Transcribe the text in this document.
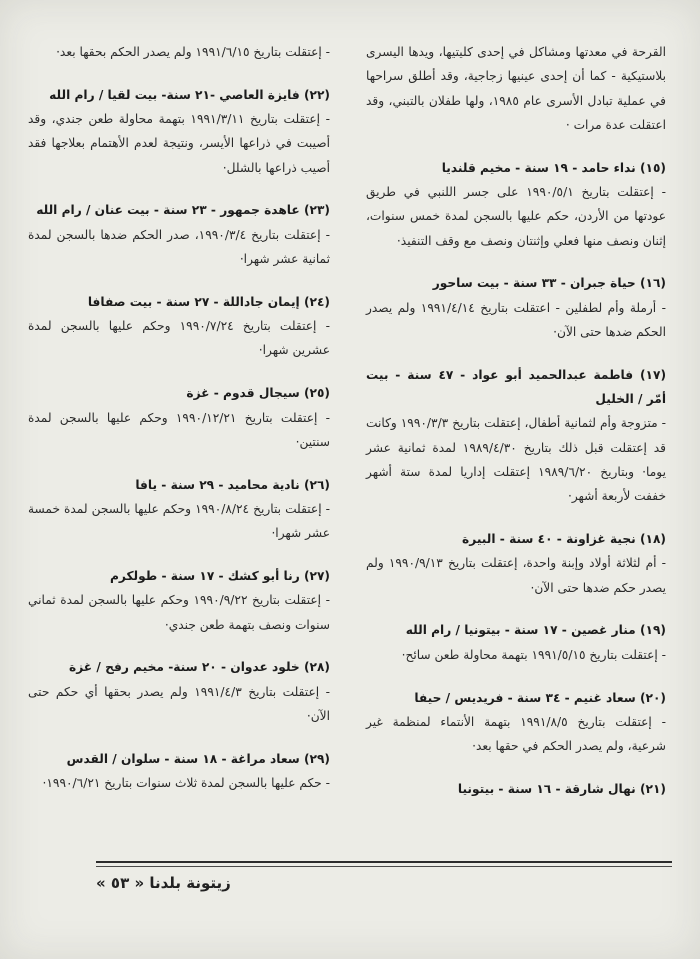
القرحة في معدتها ومشاكل في إحدى كليتيها، ويدها اليسرى بلاستيكية - كما أن إحدى عينيها زجاجية، وقد أطلق سراحها في عملية تبادل الأسرى عام ١٩٨٥، ولها طفلان بالتبني، وقد اعتقلت عدة مرات ·

(١٥) نداء حامد - ١٩ سنة - مخيم قلنديا

- إعتقلت بتاريخ ١٩٩٠/٥/١ على جسر اللنبي في طريق عودتها من الأردن، حكم عليها بالسجن لمدة خمس سنوات، إثنان ونصف منها فعلي وإثنتان ونصف مع وقف التنفيذ·

(١٦) حياة جبران - ٣٣ سنة - بيت ساحور

- أرملة وأم لطفلين - اعتقلت بتاريخ ١٩٩١/٤/١٤ ولم يصدر الحكم ضدها حتى الآن·

(١٧) فاطمة عبدالحميد أبو عواد - ٤٧ سنة - بيت أمّر / الخليل

- متزوجة وأم لثمانية أطفال، إعتقلت بتاريخ ١٩٩٠/٣/٣ وكانت قد إعتقلت قبل ذلك بتاريخ ١٩٨٩/٤/٣٠ لمدة ثمانية عشر يوما· وبتاريخ ١٩٨٩/٦/٢٠ إعتقلت إداريا لمدة ستة أشهر خففت لأربعة أشهر·

(١٨) نجية غزاونة - ٤٠ سنة - البيرة

- أم لثلاثة أولاد وإبنة واحدة، إعتقلت بتاريخ ١٩٩٠/٩/١٣ ولم يصدر حكم ضدها حتى الآن·

(١٩) منار غصين - ١٧ سنة - بيتونيا / رام الله

- إعتقلت بتاريخ ١٩٩١/٥/١٥ بتهمة محاولة طعن سائح·

(٢٠) سعاد غنيم - ٣٤ سنة - فريديس / حيفا

- إعتقلت بتاريخ ١٩٩١/٨/٥ بتهمة الأنتماء لمنظمة غير شرعية، ولم يصدر الحكم في حقها بعد·

(٢١) نهال شارقة - ١٦ سنة - بيتونيا

- إعتقلت بتاريخ ١٩٩١/٦/١٥ ولم يصدر الحكم بحقها بعد·

(٢٢) فايزة العاصي -٢١ سنة- بيت لقيا / رام الله

- إعتقلت بتاريخ ١٩٩١/٣/١١ بتهمة محاولة طعن جندي، وقد أصيبت في ذراعها الأيسر، ونتيجة لعدم الأهتمام بعلاجها فقد أصيب ذراعها بالشلل·

(٢٣) عاهدة جمهور - ٢٣ سنة - بيت عنان / رام الله

- إعتقلت بتاريخ ١٩٩٠/٣/٤، صدر الحكم ضدها بالسجن لمدة ثمانية عشر شهرا·

(٢٤) إيمان جاداللة - ٢٧ سنة - بيت صفافا

- إعتقلت بتاريخ ١٩٩٠/٧/٢٤ وحكم عليها بالسجن لمدة عشرين شهرا·

(٢٥) سيجال قدوم - غزة

- إعتقلت بتاريخ ١٩٩٠/١٢/٢١ وحكم عليها بالسجن لمدة سنتين·

(٢٦) نادية محاميد - ٢٩ سنة - يافا

- إعتقلت بتاريخ ١٩٩٠/٨/٢٤ وحكم عليها بالسجن لمدة خمسة عشر شهرا·

(٢٧) رنا أبو كشك - ١٧ سنة - طولكرم

- إعتقلت بتاريخ ١٩٩٠/٩/٢٢ وحكم عليها بالسجن لمدة ثماني سنوات ونصف بتهمة طعن جندي·

(٢٨) خلود عدوان - ٢٠ سنة- مخيم رفح / غزة

- إعتقلت بتاريخ ١٩٩١/٤/٣ ولم يصدر بحقها أي حكم حتى الآن·

(٢٩) سعاد مراغة - ١٨ سنة - سلوان / القدس

- حكم عليها بالسجن لمدة ثلاث سنوات بتاريخ ١٩٩٠/٦/٢١·

زيتونة بلدنا « ٥٣ »
